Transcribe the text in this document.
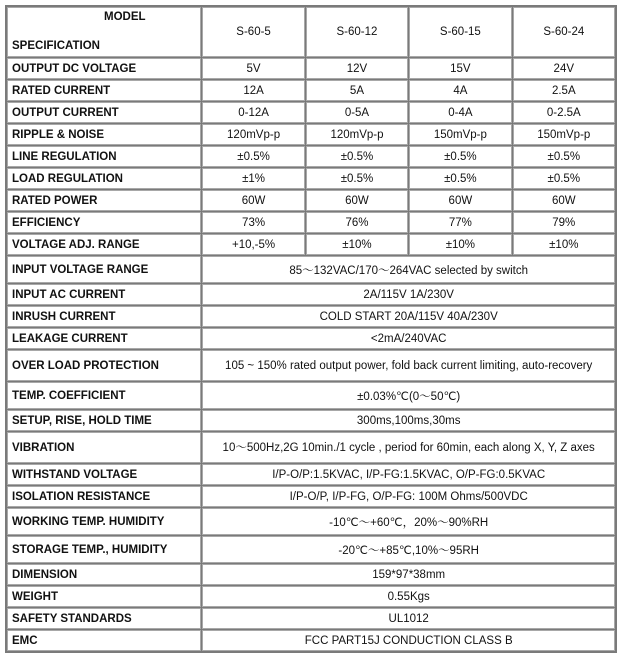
MODEL
SPECIFICATION	S-60-5	S-60-12	S-60-15	S-60-24
OUTPUT DC VOLTAGE	5V	12V	15V	24V
RATED CURRENT	12A	5A	4A	2.5A
OUTPUT CURRENT	0-12A	0-5A	0-4A	0-2.5A
RIPPLE & NOISE	120mVp-p	120mVp-p	150mVp-p	150mVp-p
LINE REGULATION	±0.5%	±0.5%	±0.5%	±0.5%
LOAD REGULATION	±1%	±0.5%	±0.5%	±0.5%
RATED POWER	60W	60W	60W	60W
EFFICIENCY	73%	76%	77%	79%
VOLTAGE ADJ. RANGE	+10,-5%	±10%	±10%	±10%
INPUT VOLTAGE RANGE	85～132VAC/170～264VAC selected by switch			
INPUT AC CURRENT	2A/115V 1A/230V			
INRUSH CURRENT	COLD START 20A/115V 40A/230V			
LEAKAGE CURRENT	<2mA/240VAC			
OVER LOAD PROTECTION	105 ~ 150% rated output power, fold back current limiting, auto-recovery			
TEMP. COEFFICIENT	±0.03%℃(0～50℃)			
SETUP, RISE, HOLD TIME	300ms,100ms,30ms			
VIBRATION	10～500Hz,2G 10min./1 cycle , period for 60min, each along X, Y, Z axes			
WITHSTAND VOLTAGE	I/P-O/P:1.5KVAC, I/P-FG:1.5KVAC, O/P-FG:0.5KVAC			
ISOLATION RESISTANCE	I/P-O/P, I/P-FG, O/P-FG: 100M Ohms/500VDC			
WORKING TEMP. HUMIDITY	-10℃～+60℃，20%～90%RH			
STORAGE TEMP., HUMIDITY	-20℃～+85℃,10%～95RH			
DIMENSION	159*97*38mm			
WEIGHT	0.55Kgs			
SAFETY STANDARDS	UL1012			
EMC	FCC PART15J CONDUCTION CLASS B			
